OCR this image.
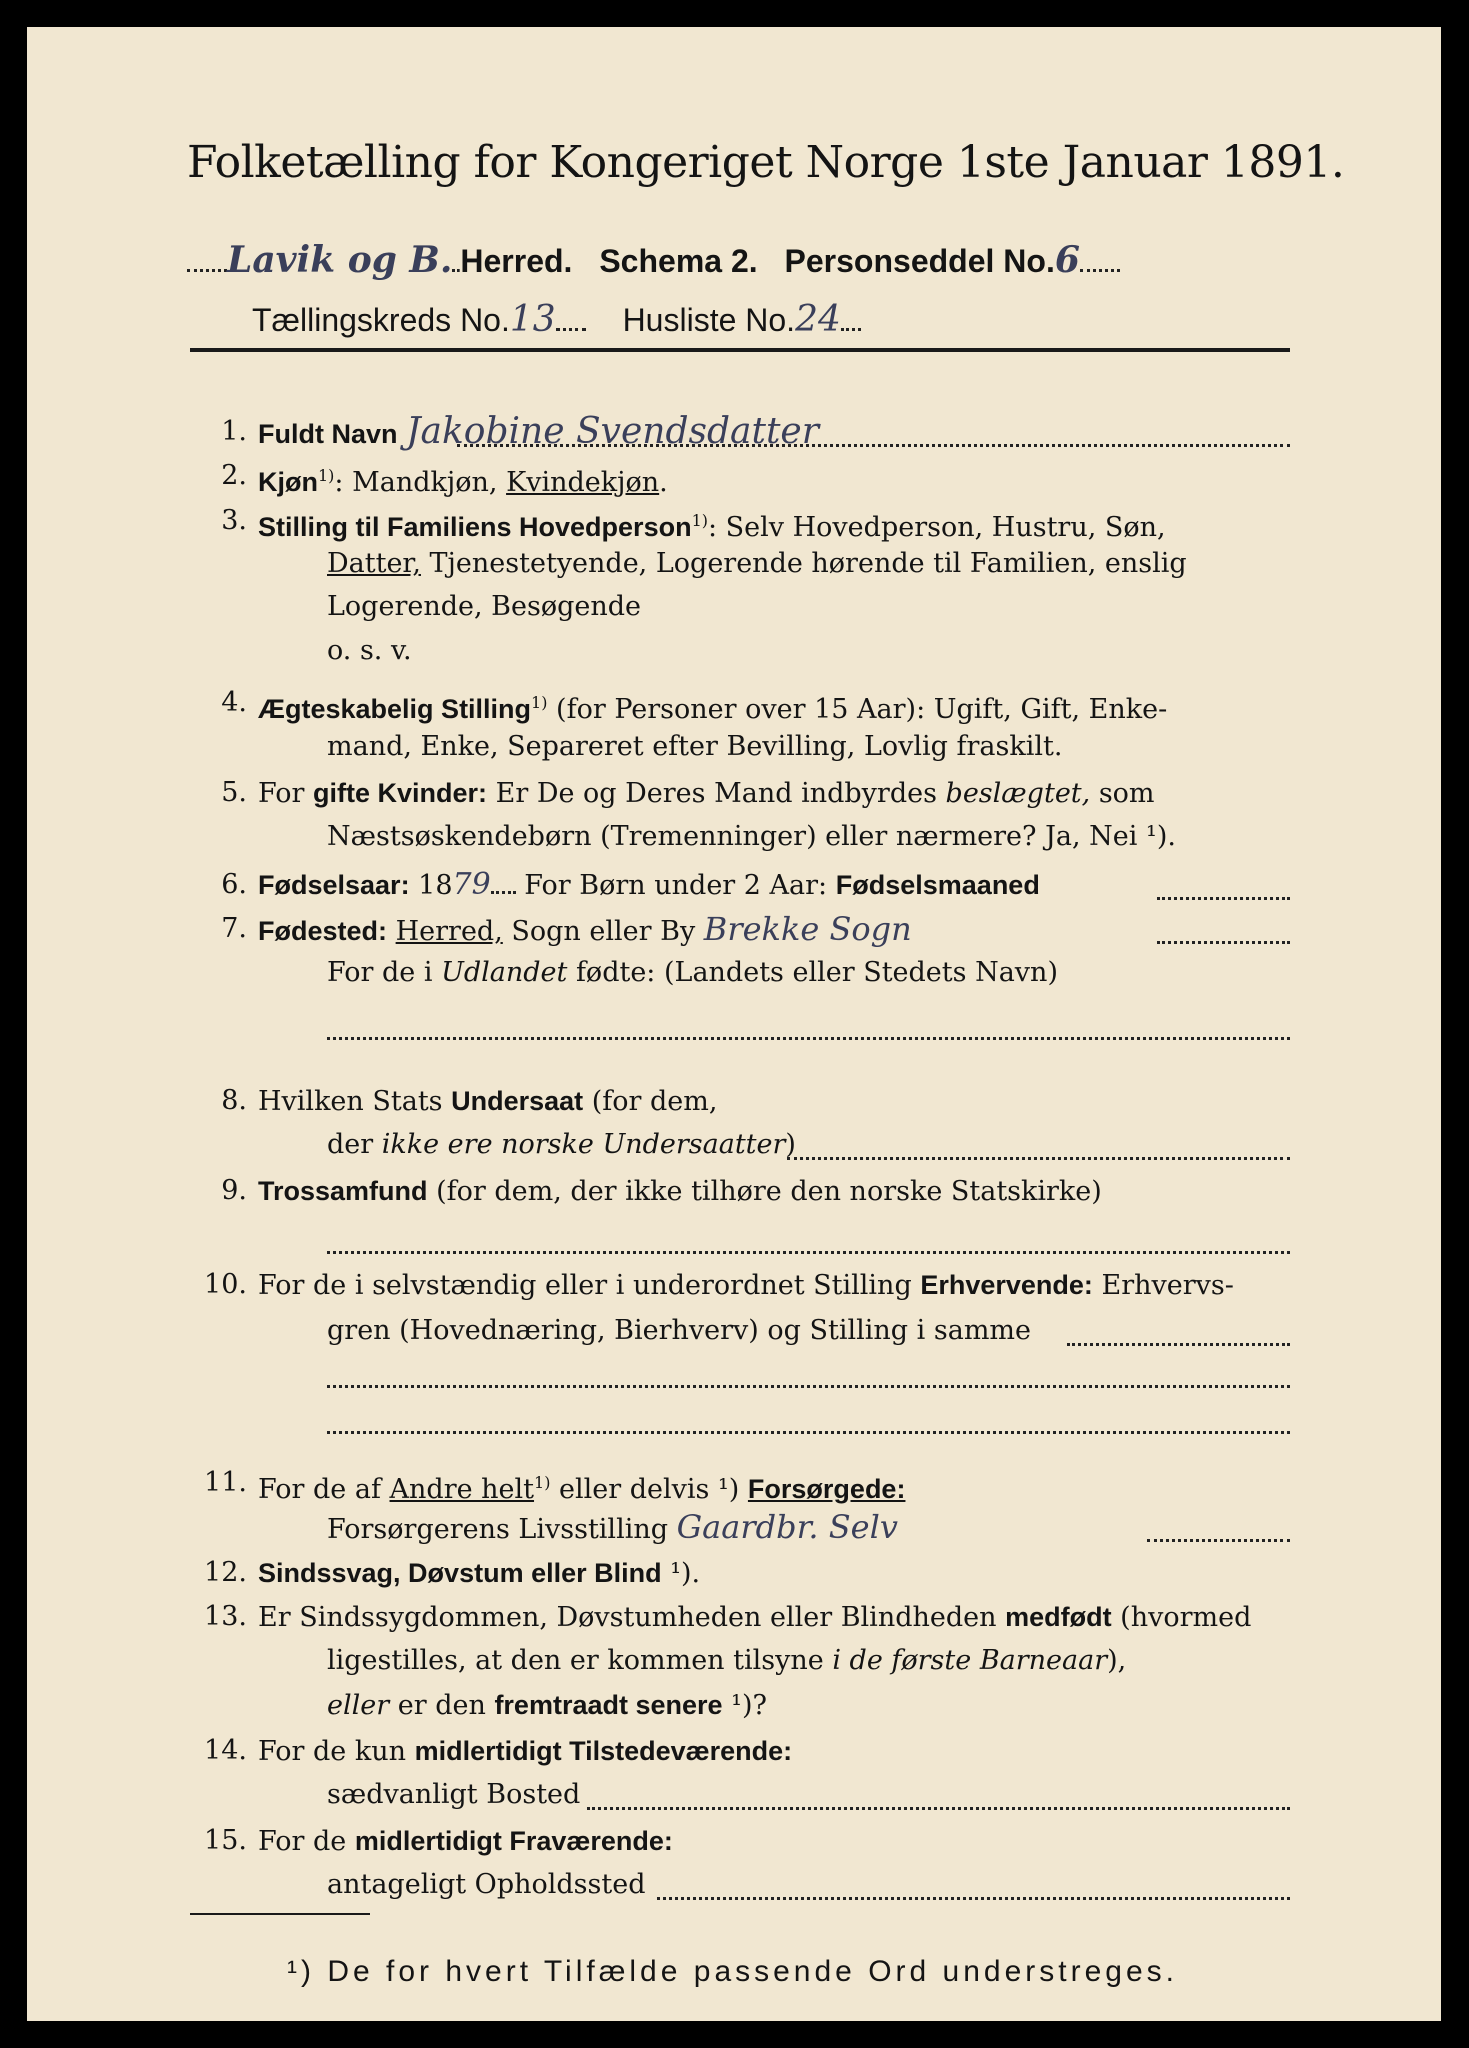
Folketælling for Kongeriget Norge 1ste Januar 1891.
Lavik og B. Herred. Schema 2. Personseddel No.6
Tællingskreds No.13 Husliste No.24
1. Fuldt Navn Jakobine Svendsdatter
2. Kjøn$^{1)}$: Mandkjøn, Kvindekjøn.
3. Stilling til Familiens Hovedperson$^{1)}$: Selv Hovedperson, Hustru, Søn,
Datter, Tjenestetyende, Logerende hørende til Familien, enslig
Logerende, Besøgende
o. s. v.
4. Ægteskabelig Stilling$^{1)}$ (for Personer over 15 Aar): Ugift, Gift, Enke-
mand, Enke, Separeret efter Bevilling, Lovlig fraskilt.
5. For gifte Kvinder: Er De og Deres Mand indbyrdes beslægtet, som
Næstsøskendebørn (Tremenninger) eller nærmere? Ja, Nei ¹).
6. Fødselsaar: 1879 For Børn under 2 Aar: Fødselsmaaned
7. Fødested: Herred, Sogn eller By Brekke Sogn
For de i Udlandet fødte: (Landets eller Stedets Navn)
8. Hvilken Stats Undersaat (for dem,
der ikke ere norske Undersaatter)
9. Trossamfund (for dem, der ikke tilhøre den norske Statskirke)
10. For de i selvstændig eller i underordnet Stilling Erhvervende: Erhvervs-
gren (Hovednæring, Bierhverv) og Stilling i samme
11. For de af Andre helt$^{1)}$ eller delvis ¹) Forsørgede:
Forsørgerens Livsstilling Gaardbr. Selv
12. Sindssvag, Døvstum eller Blind ¹).
13. Er Sindssygdommen, Døvstumheden eller Blindheden medfødt (hvormed
ligestilles, at den er kommen tilsyne i de første Barneaar),
eller er den fremtraadt senere ¹)?
14. For de kun midlertidigt Tilstedeværende:
sædvanligt Bosted
15. For de midlertidigt Fraværende:
antageligt Opholdssted
¹) De for hvert Tilfælde passende Ord understreges.
